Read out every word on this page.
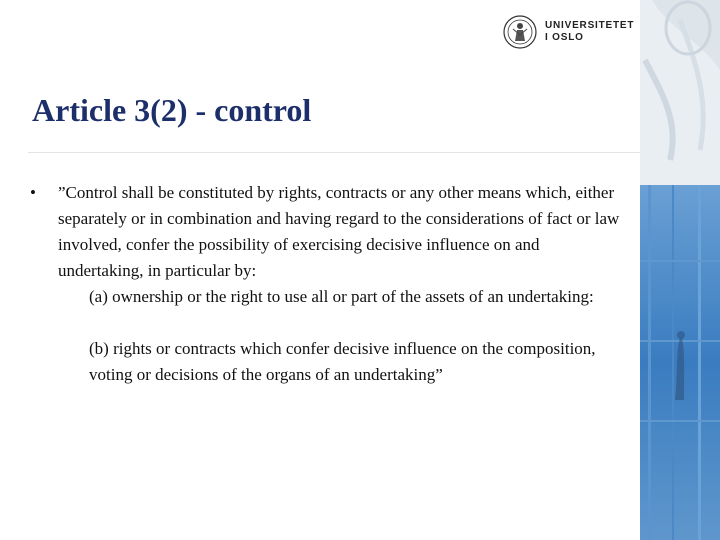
UNIVERSITETET
I OSLO
Article 3(2) - control
• ”Control shall be constituted by rights, contracts or any other means which, either separately or in combination and having regard to the considerations of fact or law involved, confer the possibility of exercising decisive influence on and undertaking, in particular by:

(a) ownership or the right to use all or part of the assets of an undertaking:

(b) rights or contracts which confer decisive influence on the composition, voting or decisions of the organs of an undertaking”
